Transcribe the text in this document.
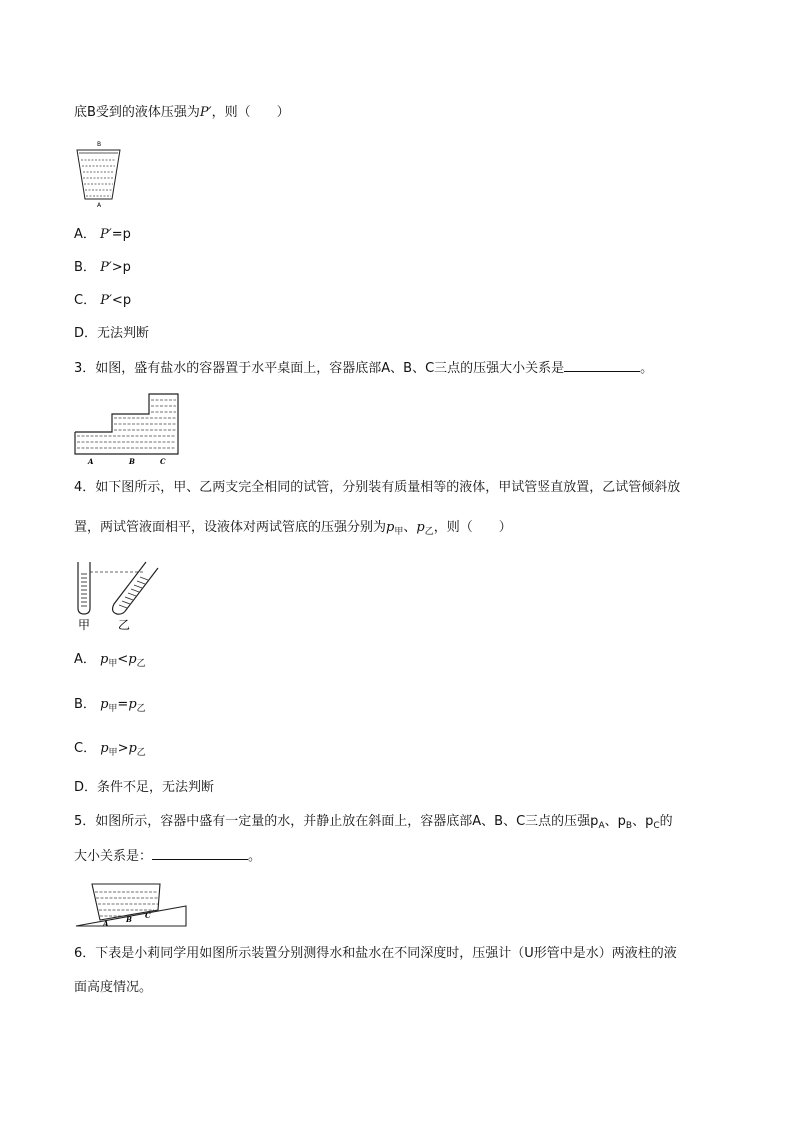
底B受到的液体压强为P′，则（ ）
B
A
A． P′=p
B． P′>p
C． P′<p
D．无法判断
3．如图，盛有盐水的容器置于水平桌面上，容器底部A、B、C三点的压强大小关系是	。
A	B	C
4．如下图所示，甲、乙两支完全相同的试管，分别装有质量相等的液体，甲试管竖直放置，乙试管倾斜放
置，两试管液面相平，设液体对两试管底的压强分别为$p_甲$、$p_乙$，则（ ）
甲 乙
A． $p_甲<p_乙$
B． $p_甲=p_乙$
C． $p_甲>p_乙$
D．条件不足，无法判断
5．如图所示，容器中盛有一定量的水，并静止放在斜面上，容器底部A、B、C三点的压强$p_A$、$p_B$、$p_C$的
大小关系是：	。
A	B C
6．下表是小莉同学用如图所示装置分别测得水和盐水在不同深度时，压强计（U形管中是水）两液柱的液
面高度情况。
